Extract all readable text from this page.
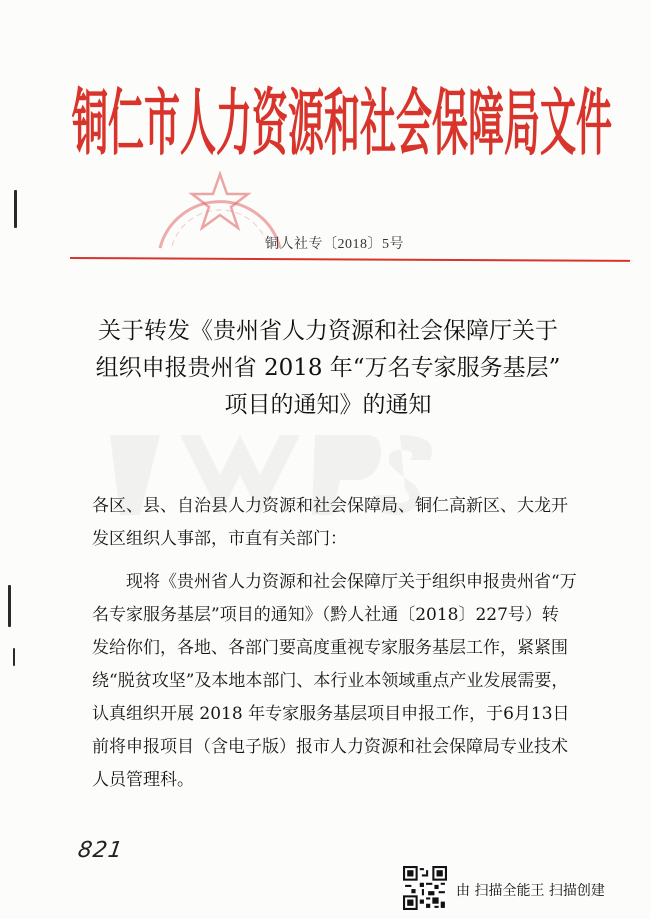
铜仁市人力资源和社会保障局文件
铜人社专〔2018〕5号
关于转发《贵州省人力资源和社会保障厅关于
组织申报贵州省 2018 年“万名专家服务基层”
项目的通知》的通知
各区、县、自治县人力资源和社会保障局、铜仁高新区、大龙开
发区组织人事部，市直有关部门：
　　现将《贵州省人力资源和社会保障厅关于组织申报贵州省“万
名专家服务基层”项目的通知》（黔人社通〔2018〕227号）转
发给你们，各地、各部门要高度重视专家服务基层工作，紧紧围
绕“脱贫攻坚”及本地本部门、本行业本领域重点产业发展需要，
认真组织开展 2018 年专家服务基层项目申报工作，于6月13日
前将申报项目（含电子版）报市人力资源和社会保障局专业技术
人员管理科。
821
由 扫描全能王 扫描创建
